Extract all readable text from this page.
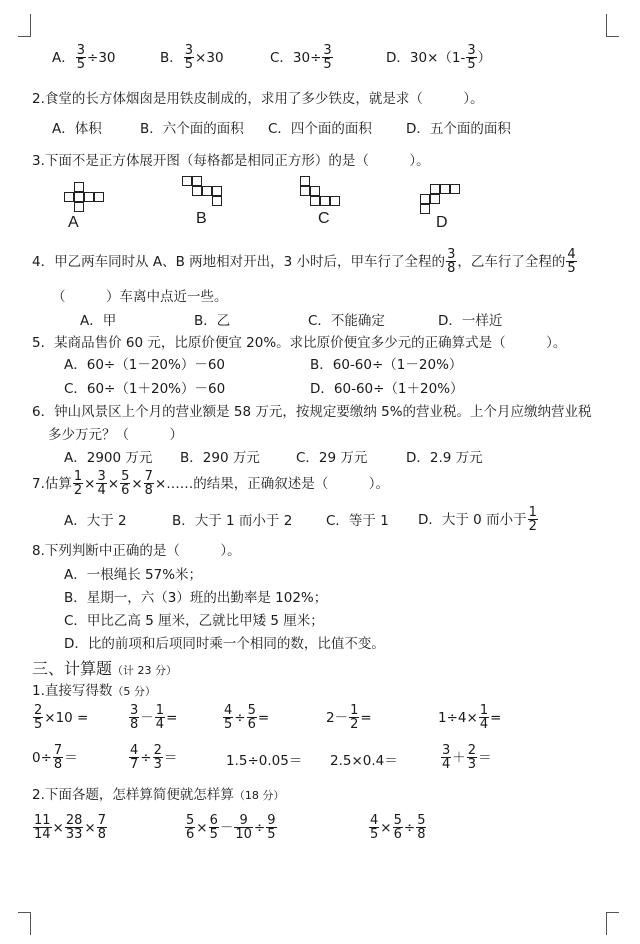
A． $\frac{3}{5} \div 30$	B． $\frac{3}{5} \times 30$	C．$30\div \frac{3}{5}$	D．$30\times(1- \frac{3}{5}$ ）
2.食堂的长方体烟囱是用铁皮制成的，求用了多少铁皮，就是求（　　　）。
A．体积	B．六个面的面积 C．四个面的面积	D．五个面的面积
3.下面不是正方体展开图（每格都是相同正方形）的是（　　　）。
A	B	C	D
4．甲乙两车同时从 A、B 两地相对开出，3 小时后，甲车行了全程的 $\frac{3}{8}$ ，乙车行了全程的 $\frac{4}{5}$
（　　　）车离中点近一些。
A．甲	B．乙	C．不能确定	D．一样近
5．某商品售价 60 元，比原价便宜 20%。求比原价便宜多少元的正确算式是（　　　）。
A．60÷（1－20%）－60	B．60-60÷（1－20%）
C．60÷（1＋20%）－60	D．60-60÷（1＋20%）
6．钟山风景区上个月的营业额是 58 万元，按规定要缴纳 5%的营业税。上个月应缴纳营业税
多少万元？（　　　）
A．2900 万元 B．290 万元	C．29 万元	D．2.9 万元
7.估算 $\frac{1}{2} \times \frac{3}{4} \times \frac{5}{6} \times \frac{7}{8}$ ×……的结果，正确叙述是（　　　）。
A．大于 2	B．大于 1 而小于 2 C．等于 1 D．大于 0 而小于 $\frac{1}{2}$
8.下列判断中正确的是（　　　）。
A．一根绳长 57%米；
B．星期一，六（3）班的出勤率是 102%；
C．甲比乙高 5 厘米，乙就比甲矮 5 厘米；
D．比的前项和后项同时乘一个相同的数，比值不变。
三、计算题（计 23 分）
1.直接写得数（5 分）
$\frac{2}{5} \times 10$ =	$\frac{3}{8} - \frac{1}{4}$ =	$\frac{4}{5} \div \frac{5}{6}$ =	$2- \frac{1}{2}$ =	$1\div 4\times \frac{1}{4}$ =
$0\div \frac{7}{8}$ ＝	$\frac{4}{7} \div \frac{2}{3}$ ＝	1.5÷0.05＝ 2.5×0.4＝	$\frac{3}{4} + \frac{2}{3}$ ＝
2.下面各题，怎样算简便就怎样算（18 分）
$\frac{11}{14} \times \frac{28}{33} \times \frac{7}{8}$	$\frac{5}{6} \times \frac{6}{5} - \frac{9}{10} \div \frac{9}{5}$	$\frac{4}{5} \times \frac{5}{6} \div \frac{5}{8}$
